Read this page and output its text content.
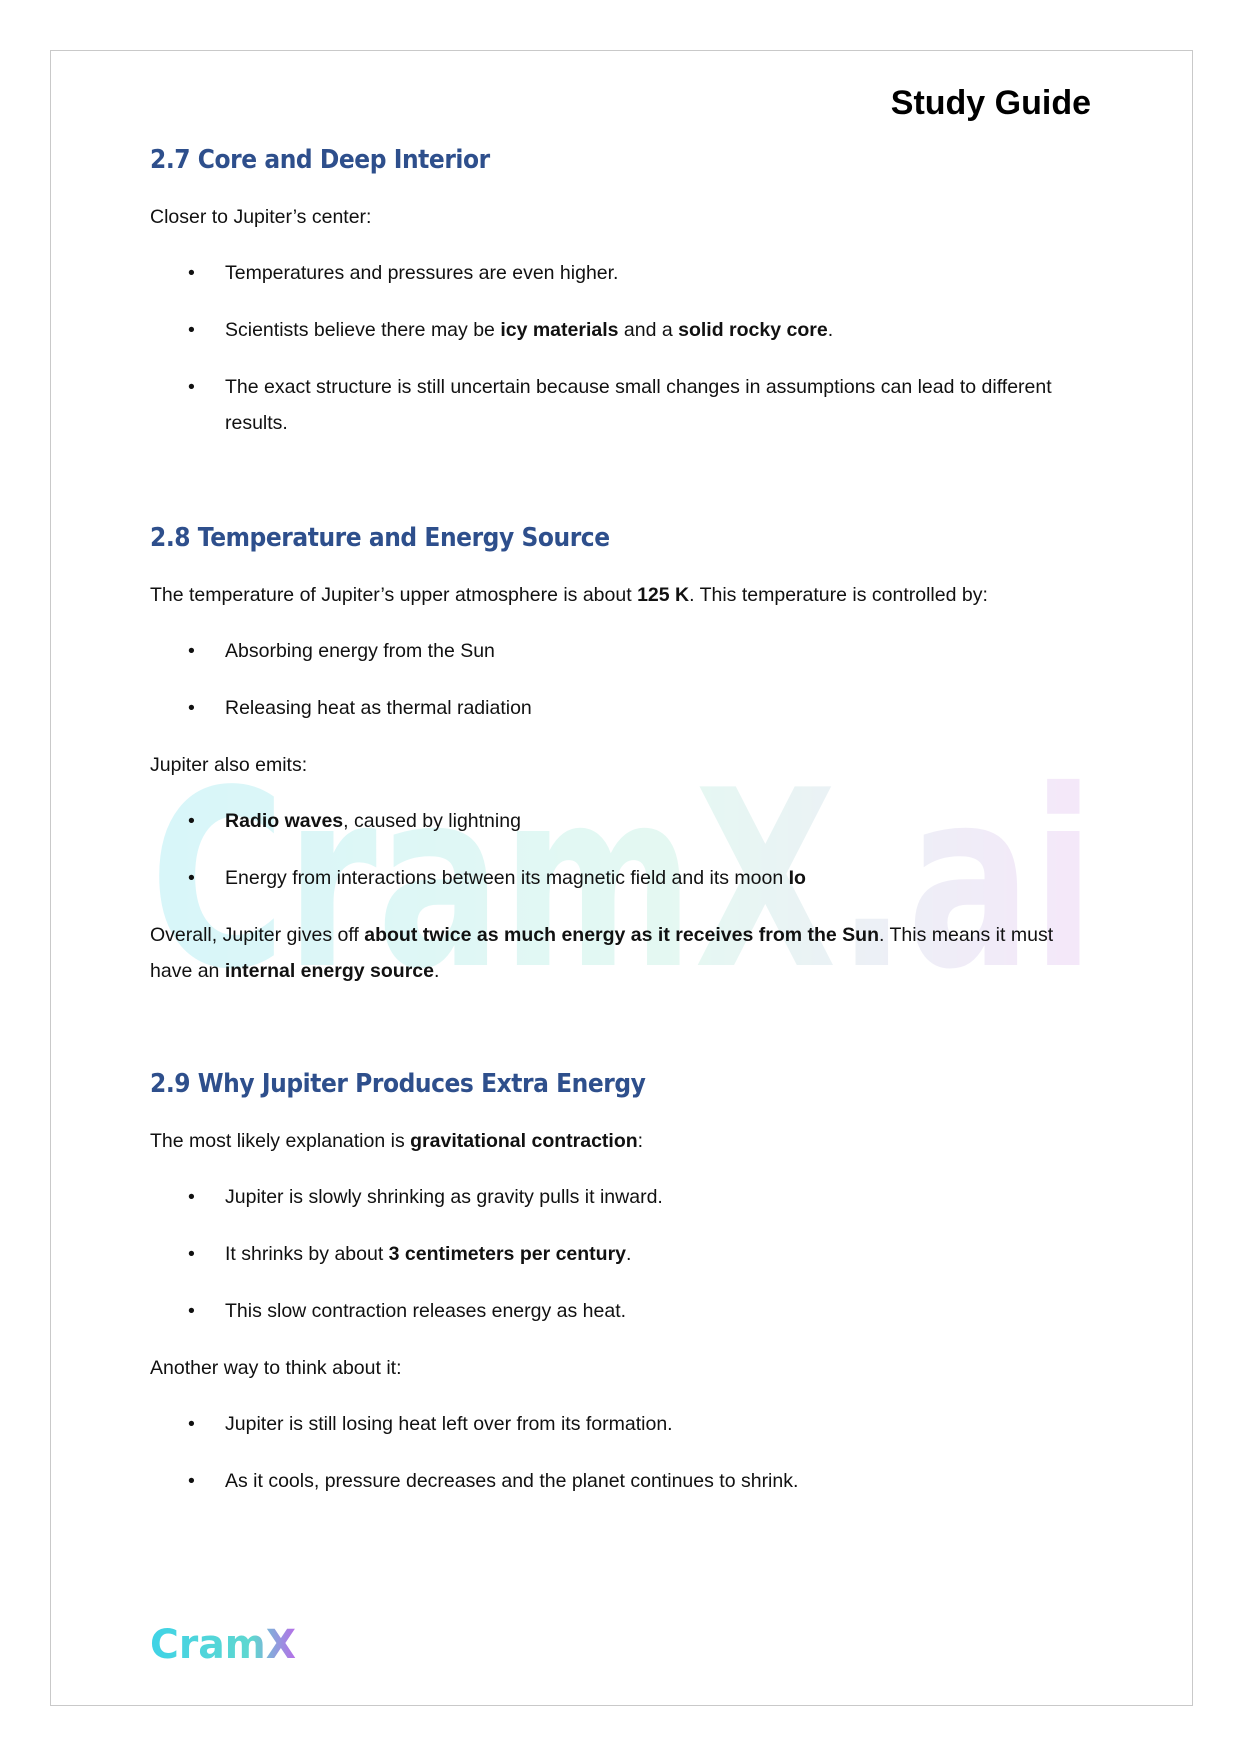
Study Guide
CramX.ai
2.7 Core and Deep Interior

Closer to Jupiter’s center:

• Temperatures and pressures are even higher.
• Scientists believe there may be icy materials and a solid rocky core.
• The exact structure is still uncertain because small changes in assumptions can lead to different results.
2.8 Temperature and Energy Source

The temperature of Jupiter’s upper atmosphere is about 125 K. This temperature is controlled by:

• Absorbing energy from the Sun
• Releasing heat as thermal radiation

Jupiter also emits:

• Radio waves, caused by lightning
• Energy from interactions between its magnetic field and its moon Io

Overall, Jupiter gives off about twice as much energy as it receives from the Sun. This means it must have an internal energy source.

2.9 Why Jupiter Produces Extra Energy

The most likely explanation is gravitational contraction:

• Jupiter is slowly shrinking as gravity pulls it inward.
• It shrinks by about 3 centimeters per century.
• This slow contraction releases energy as heat.

Another way to think about it:

• Jupiter is still losing heat left over from its formation.
• As it cools, pressure decreases and the planet continues to shrink.
CramX
